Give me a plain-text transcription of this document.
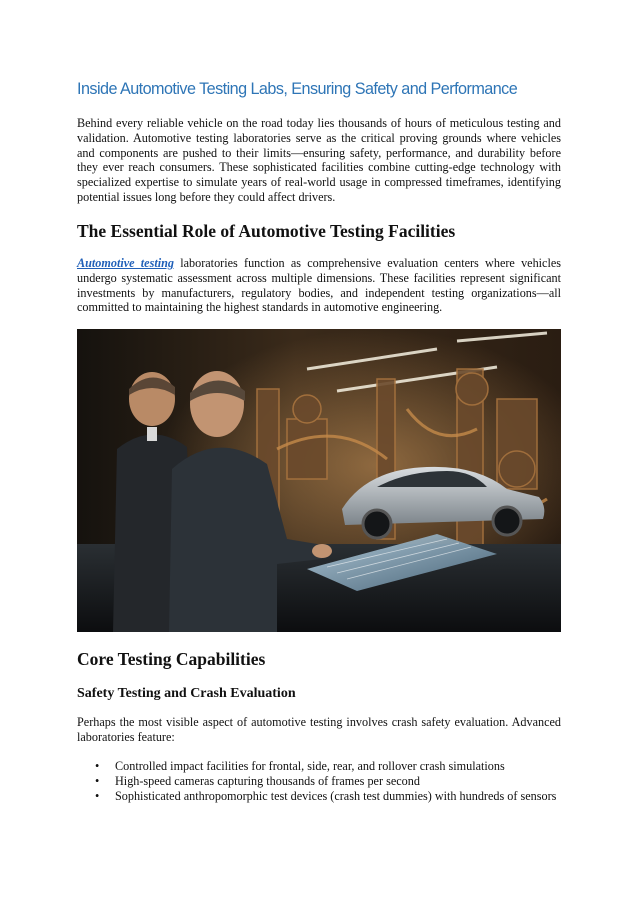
Inside Automotive Testing Labs, Ensuring Safety and Performance

Behind every reliable vehicle on the road today lies thousands of hours of meticulous testing and validation. Automotive testing laboratories serve as the critical proving grounds where vehicles and components are pushed to their limits—ensuring safety, performance, and durability before they ever reach consumers. These sophisticated facilities combine cutting-edge technology with specialized expertise to simulate years of real-world usage in compressed timeframes, identifying potential issues long before they could affect drivers.

The Essential Role of Automotive Testing Facilities

Automotive testing laboratories function as comprehensive evaluation centers where vehicles undergo systematic assessment across multiple dimensions. These facilities represent significant investments by manufacturers, regulatory bodies, and independent testing organizations—all committed to maintaining the highest standards in automotive engineering.

Core Testing Capabilities
Safety Testing and Crash Evaluation

Perhaps the most visible aspect of automotive testing involves crash safety evaluation. Advanced laboratories feature:

•	Controlled impact facilities for frontal, side, rear, and rollover crash simulations
•	High-speed cameras capturing thousands of frames per second
•	Sophisticated anthropomorphic test devices (crash test dummies) with hundreds of sensors
